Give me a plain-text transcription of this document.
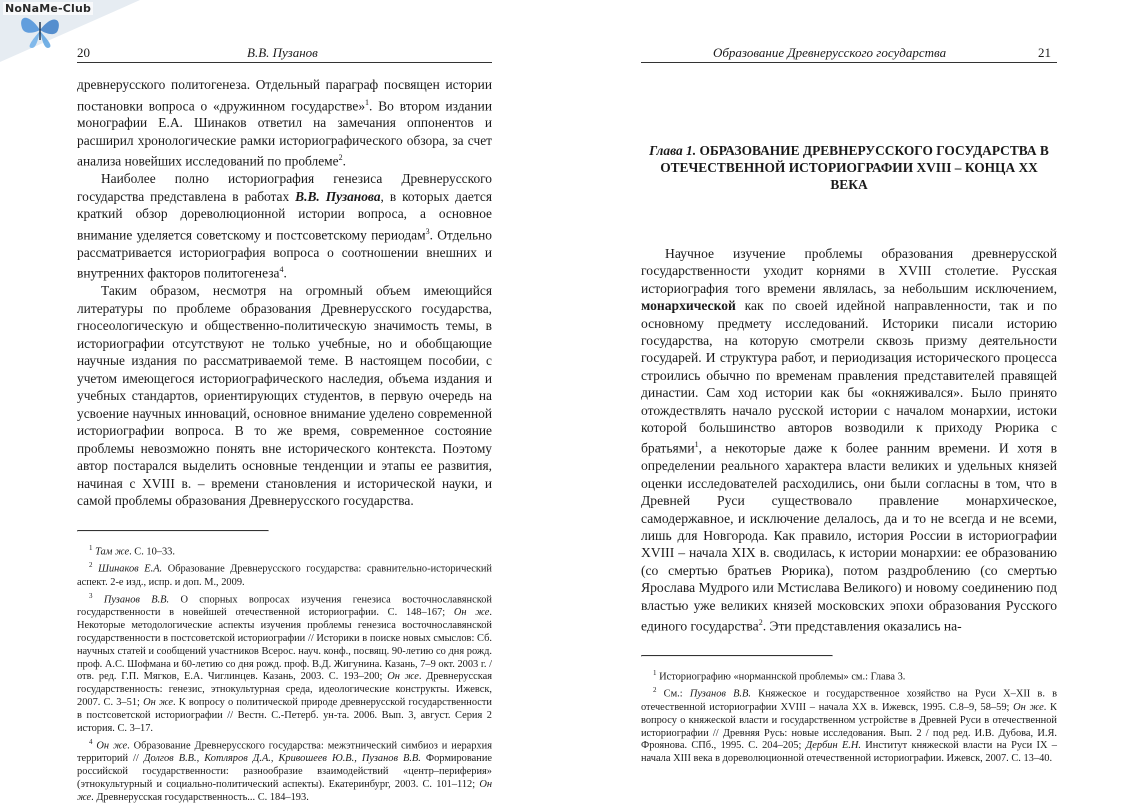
NoNaMe-Club
20	В.В. Пузанов

древнерусского политогенеза. Отдельный параграф посвящен истории постановки вопроса о «дружинном государстве»$^1$. Во втором издании монографии Е.А. Шинаков ответил на замечания оппонентов и расширил хронологические рамки историографического обзора, за счет анализа новейших исследований по проблеме$^2$.

Наиболее полно историография генезиса Древнерусского государства представлена в работах В.В. Пузанова, в которых дается краткий обзор дореволюционной истории вопроса, а основное внимание уделяется советскому и постсоветскому периодам$^3$. Отдельно рассматривается историография вопроса о соотношении внешних и внутренних факторов политогенеза$^4$.

Таким образом, несмотря на огромный объем имеющийся литературы по проблеме образования Древнерусского государства, гносеологическую и общественно-политическую значимость темы, в историографии отсутствуют не только учебные, но и обобщающие научные издания по рассматриваемой теме. В настоящем пособии, с учетом имеющегося историографического наследия, объема издания и учебных стандартов, ориентирующих студентов, в первую очередь на усвоение научных инноваций, основное внимание уделено современной историографии вопроса. В то же время, современное состояние проблемы невозможно понять вне исторического контекста. Поэтому автор постарался выделить основные тенденции и этапы ее развития, начиная с XVIII в. – времени становления и исторической науки, и самой проблемы образования Древнерусского государства.

$^1$ Там же. С. 10–33.

$^2$ Шинаков Е.А. Образование Древнерусского государства: сравнительно-исторический аспект. 2-е изд., испр. и доп. М., 2009.

$^3$ Пузанов В.В. О спорных вопросах изучения генезиса восточнославянской государственности в новейшей отечественной историографии. С. 148–167; Он же. Некоторые методологические аспекты изучения проблемы генезиса восточнославянской государственности в постсоветской историографии // Историки в поиске новых смыслов: Сб. научных статей и сообщений участников Всерос. науч. конф., посвящ. 90-летию со дня рожд. проф. А.С. Шофмана и 60-летию со дня рожд. проф. В.Д. Жигунина. Казань, 7–9 окт. 2003 г. / отв. ред. Г.П. Мягков, Е.А. Чиглинцев. Казань, 2003. С. 193–200; Он же. Древнерусская государственность: генезис, этнокультурная среда, идеологические конструкты. Ижевск, 2007. С. 3–51; Он же. К вопросу о политической природе древнерусской государственности в постсоветской историографии // Вестн. С.-Петерб. ун-та. 2006. Вып. 3, август. Серия 2 история. С. 3–17.

$^4$ Он же. Образование Древнерусского государства: межэтнический симбиоз и иерархия территорий // Долгов В.В., Котляров Д.А., Кривошеев Ю.В., Пузанов В.В. Формирование российской государственности: разнообразие взаимодействий «центр–периферия» (этнокультурный и социально-политический аспекты). Екатеринбург, 2003. С. 101–112; Он же. Древнерусская государственность... С. 184–193.

Образование Древнерусского государства	21
Глава 1. ОБРАЗОВАНИЕ ДРЕВНЕРУССКОГО ГОСУДАРСТВА В ОТЕЧЕСТВЕННОЙ ИСТОРИОГРАФИИ XVIII – КОНЦА XX ВЕКА

Научное изучение проблемы образования древнерусской государственности уходит корнями в XVIII столетие. Русская историография того времени являлась, за небольшим исключением, монархической как по своей идейной направленности, так и по основному предмету исследований. Историки писали историю государства, на которую смотрели сквозь призму деятельности государей. И структура работ, и периодизация исторического процесса строились обычно по временам правления представителей правящей династии. Сам ход истории как бы «окняживался». Было принято отождествлять начало русской истории с началом монархии, истоки которой большинство авторов возводили к приходу Рюрика с братьями$^1$, а некоторые даже к более ранним времени. И хотя в определении реального характера власти великих и удельных князей оценки исследователей расходились, они были согласны в том, что в Древней Руси существовало правление монархическое, самодержавное, и исключение делалось, да и то не всегда и не всеми, лишь для Новгорода. Как правило, история России в историографии XVIII – начала XIX в. сводилась, к истории монархии: ее образованию (со смертью братьев Рюрика), потом раздроблению (со смертью Ярослава Мудрого или Мстислава Великого) и новому соединению под властью уже великих князей московских эпохи образования Русского единого государства$^2$. Эти представления оказались на-

$^1$ Историографию «норманнской проблемы» см.: Глава 3.

$^2$ См.: Пузанов В.В. Княжеское и государственное хозяйство на Руси X–XII в. в отечественной историографии XVIII – начала XX в. Ижевск, 1995. С.8–9, 58–59; Он же. К вопросу о княжеской власти и государственном устройстве в Древней Руси в отечественной историографии // Древняя Русь: новые исследования. Вып. 2 / под ред. И.В. Дубова, И.Я. Фрояновa. СПб., 1995. С. 204–205; Дербин Е.Н. Институт княжеской власти на Руси IX – начала XIII века в дореволюционной отечественной историографии. Ижевск, 2007. С. 13–40.
